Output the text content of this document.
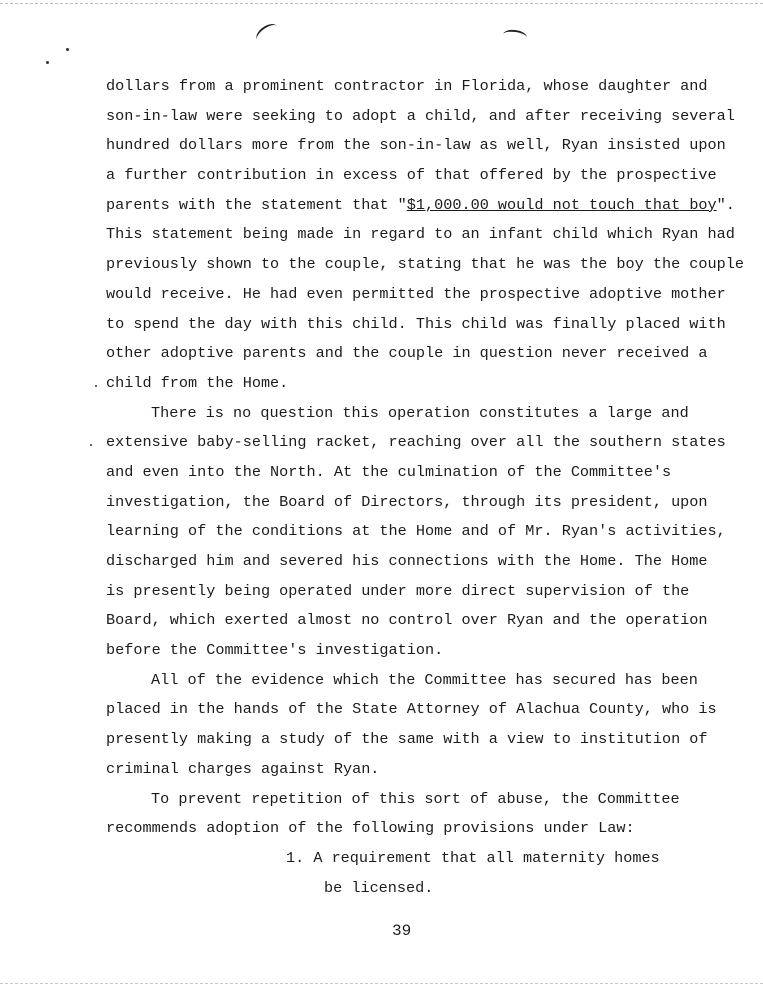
dollars from a prominent contractor in Florida, whose daughter and
son-in-law were seeking to adopt a child, and after receiving several
hundred dollars more from the son-in-law as well, Ryan insisted upon
a further contribution in excess of that offered by the prospective
parents with the statement that "$1,000.00 would not touch that boy".
This statement being made in regard to an infant child which Ryan had
previously shown to the couple, stating that he was the boy the couple
would receive. He had even permitted the prospective adoptive mother
to spend the day with this child. This child was finally placed with
other adoptive parents and the couple in question never received a
child from the Home.
There is no question this operation constitutes a large and
extensive baby-selling racket, reaching over all the southern states
and even into the North. At the culmination of the Committee's
investigation, the Board of Directors, through its president, upon
learning of the conditions at the Home and of Mr. Ryan's activities,
discharged him and severed his connections with the Home. The Home
is presently being operated under more direct supervision of the
Board, which exerted almost no control over Ryan and the operation
before the Committee's investigation.
All of the evidence which the Committee has secured has been
placed in the hands of the State Attorney of Alachua County, who is
presently making a study of the same with a view to institution of
criminal charges against Ryan.
To prevent repetition of this sort of abuse, the Committee
recommends adoption of the following provisions under Law:
1. A requirement that all maternity homes
be licensed.
39
